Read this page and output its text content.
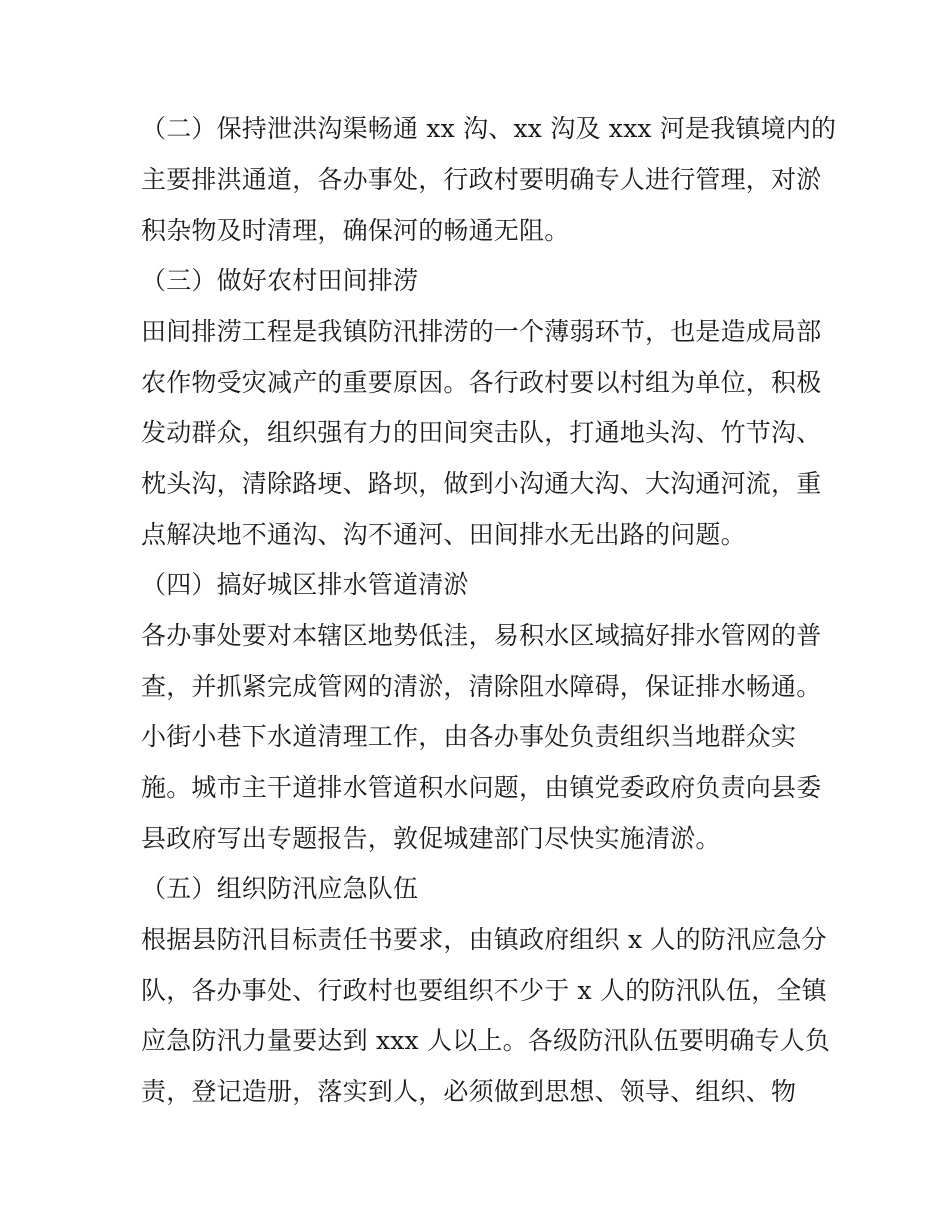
（二）保持泄洪沟渠畅通 xx 沟、xx 沟及 xxx 河是我镇境内的
主要排洪通道，各办事处，行政村要明确专人进行管理，对淤
积杂物及时清理，确保河的畅通无阻。
（三）做好农村田间排涝
田间排涝工程是我镇防汛排涝的一个薄弱环节，也是造成局部
农作物受灾减产的重要原因。各行政村要以村组为单位，积极
发动群众，组织强有力的田间突击队，打通地头沟、竹节沟、
枕头沟，清除路埂、路坝，做到小沟通大沟、大沟通河流，重
点解决地不通沟、沟不通河、田间排水无出路的问题。
（四）搞好城区排水管道清淤
各办事处要对本辖区地势低洼，易积水区域搞好排水管网的普
查，并抓紧完成管网的清淤，清除阻水障碍，保证排水畅通。
小街小巷下水道清理工作，由各办事处负责组织当地群众实
施。城市主干道排水管道积水问题，由镇党委政府负责向县委
县政府写出专题报告，敦促城建部门尽快实施清淤。
（五）组织防汛应急队伍
根据县防汛目标责任书要求，由镇政府组织 x 人的防汛应急分
队，各办事处、行政村也要组织不少于 x 人的防汛队伍，全镇
应急防汛力量要达到 xxx 人以上。各级防汛队伍要明确专人负
责，登记造册，落实到人，必须做到思想、领导、组织、物
